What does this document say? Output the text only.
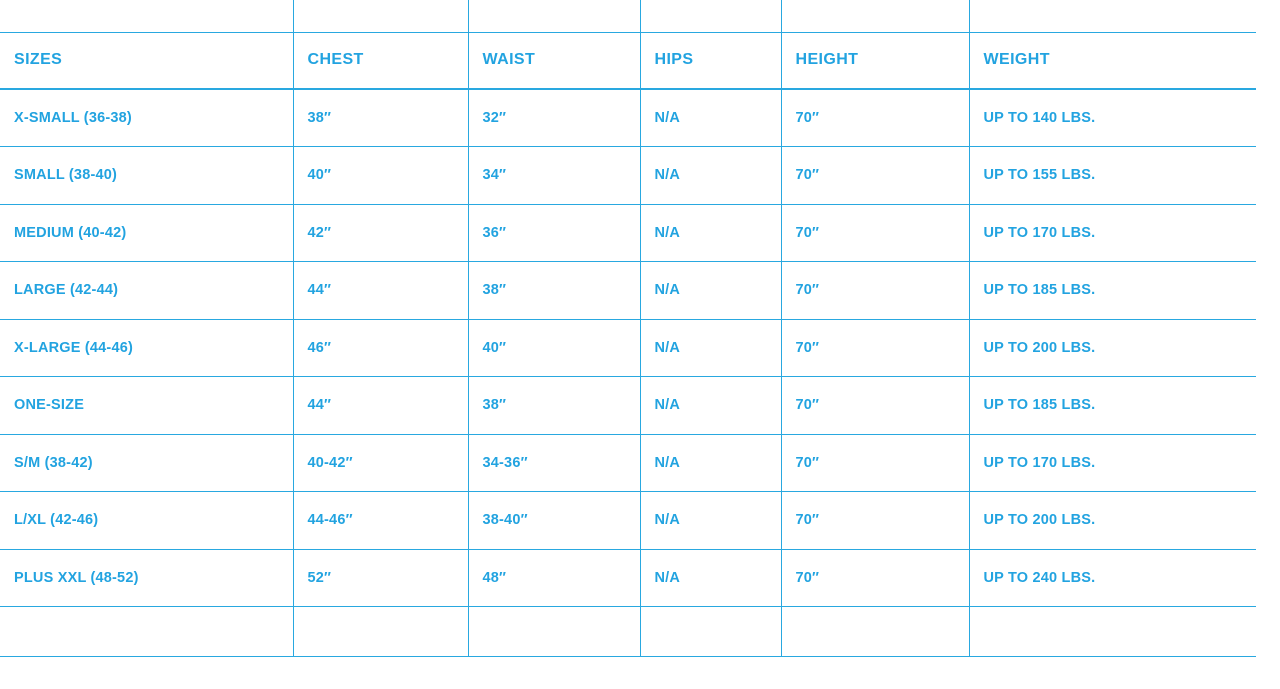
SIZES	CHEST	WAIST	HIPS	HEIGHT	WEIGHT
X-SMALL (36-38)	38″	32″	N/A	70″	UP TO 140 LBS.
SMALL (38-40)	40″	34″	N/A	70″	UP TO 155 LBS.
MEDIUM (40-42)	42″	36″	N/A	70″	UP TO 170 LBS.
LARGE (42-44)	44″	38″	N/A	70″	UP TO 185 LBS.
X-LARGE (44-46)	46″	40″	N/A	70″	UP TO 200 LBS.
ONE-SIZE	44″	38″	N/A	70″	UP TO 185 LBS.
S/M (38-42)	40-42″	34-36″	N/A	70″	UP TO 170 LBS.
L/XL (42-46)	44-46″	38-40″	N/A	70″	UP TO 200 LBS.
PLUS XXL (48-52)	52″	48″	N/A	70″	UP TO 240 LBS.
